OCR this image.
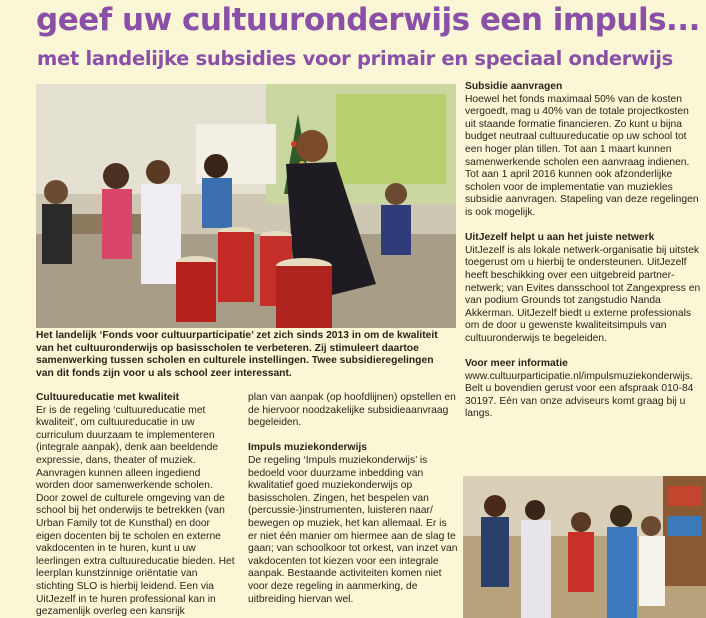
geef uw cultuuronderwijs een impuls...
met landelijke subsidies voor primair en speciaal onderwijs
Het landelijk ‘Fonds voor cultuurparticipatie’ zet zich sinds 2013 in om de kwaliteit van het cultuuronderwijs op basisscholen te verbeteren. Zij stimuleert daartoe samenwerking tussen scholen en culturele instellingen. Twee subsidieregelingen van dit fonds zijn voor u als school zeer interessant.
Cultuureducatie met kwaliteit
Er is de regeling ‘cultuureducatie met kwaliteit’, om cultuureducatie in uw curriculum duurzaam te implementeren (integrale aanpak), denk aan beeldende expressie, dans, theater of muziek. Aanvragen kunnen alleen ingediend worden door samenwerkende scholen. Door zowel de culturele omgeving van de school bij het onderwijs te betrekken (van Urban Family tot de Kunsthal) en door eigen docenten bij te scholen en externe vakdocenten in te huren, kunt u uw leerlingen extra cultuureducatie bieden. Het leerplan kunstzinnige oriëntatie van stichting SLO is hierbij leidend. Een via UitJezelf in te huren professional kan in gezamenlijk overleg een kansrijk
plan van aanpak (op hoofdlijnen) opstellen en de hiervoor noodzakelijke subsidieaanvraag begeleiden.
Impuls muziekonderwijs
De regeling ‘Impuls muziekonderwijs’ is bedoeld voor duurzame inbedding van kwalitatief goed muziekonderwijs op basisscholen. Zingen, het bespelen van (percussie-)instrumenten, luisteren naar/ bewegen op muziek, het kan allemaal. Er is er niet één manier om hiermee aan de slag te gaan; van schoolkoor tot orkest, van inzet van vakdocenten tot kiezen voor een integrale aanpak. Bestaande activiteiten komen niet voor deze regeling in aanmerking, de uitbreiding hiervan wel.
Subsidie aanvragen
Hoewel het fonds maximaal 50% van de kosten vergoedt, mag u 40% van de totale projectkosten uit staande formatie financieren. Zo kunt u bijna budget neutraal cultuureducatie op uw school tot een hoger plan tillen. Tot aan 1 maart kunnen samenwerkende scholen een aanvraag indienen. Tot aan 1 april 2016 kunnen ook afzonderlijke scholen voor de implementatie van muziekles subsidie aanvragen. Stapeling van deze regelingen is ook mogelijk.
UitJezelf helpt u aan het juiste netwerk
UitJezelf is als lokale netwerk-organisatie bij uitstek toegerust om u hierbij te ondersteunen. UitJezelf heeft beschikking over een uitgebreid partner-netwerk; van Evites dansschool tot Zangexpress en van podium Grounds tot zangstudio Nanda Akkerman. UitJezelf biedt u externe professionals om de door u gewenste kwaliteitsimpuls van cultuuronderwijs te begeleiden.
Voor meer informatie
www.cultuurparticipatie.nl/impulsmuziekonderwijs. Belt u bovendien gerust voor een afspraak 010-84 30197. Eén van onze adviseurs komt graag bij u langs.
